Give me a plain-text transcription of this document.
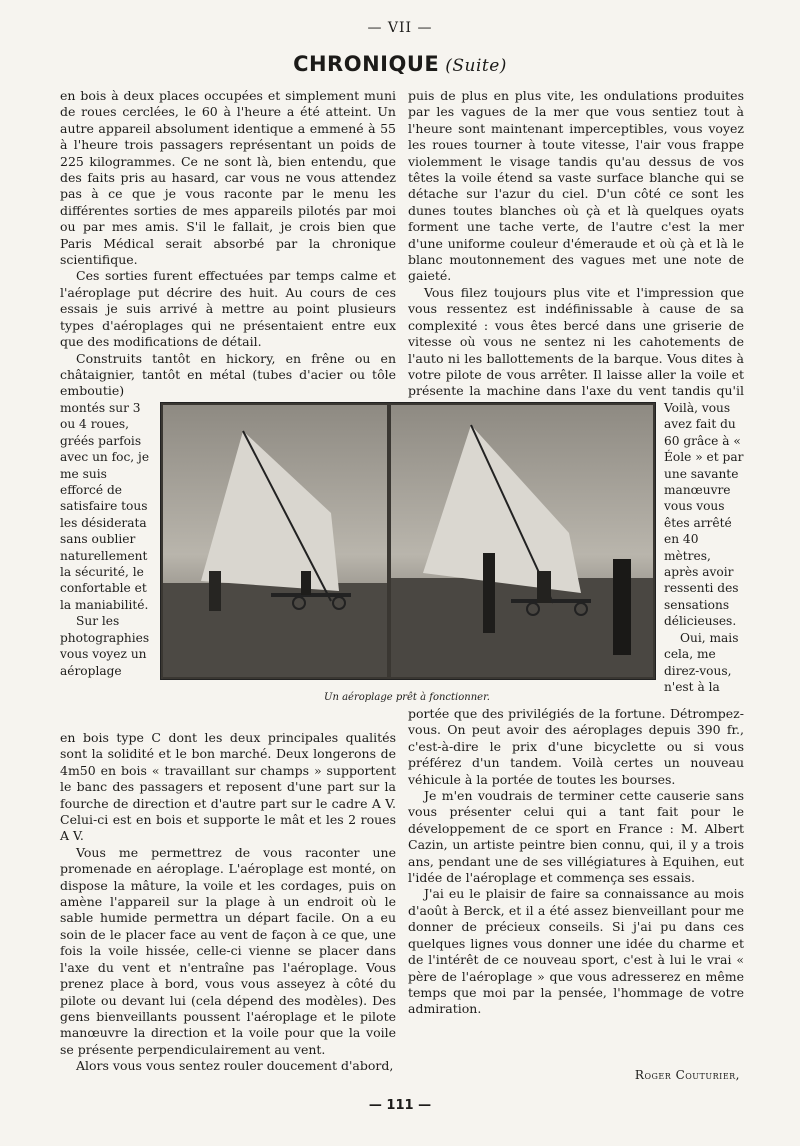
— VII —
CHRONIQUE (Suite)

en bois à deux places occupées et simplement muni de roues cerclées, le 60 à l'heure a été atteint. Un autre appareil absolument identique a emmené à 55 à l'heure trois passagers représentant un poids de 225 kilogrammes. Ce ne sont là, bien entendu, que des faits pris au hasard, car vous ne vous attendez pas à ce que je vous raconte par le menu les différentes sorties de mes appareils pilotés par moi ou par mes amis. S'il le fallait, je crois bien que Paris Médical serait absorbé par la chronique scientifique.

Ces sorties furent effectuées par temps calme et l'aéroplage put décrire des huit. Au cours de ces essais je suis arrivé à mettre au point plusieurs types d'aéroplages qui ne présentaient entre eux que des modifications de détail.

Construits tantôt en hickory, en frêne ou en châtaignier, tantôt en métal (tubes d'acier ou tôle emboutie)

puis de plus en plus vite, les ondulations produites par les vagues de la mer que vous sentiez tout à l'heure sont maintenant imperceptibles, vous voyez les roues tourner à toute vitesse, l'air vous frappe violemment le visage tandis qu'au dessus de vos têtes la voile étend sa vaste surface blanche qui se détache sur l'azur du ciel. D'un côté ce sont les dunes toutes blanches où çà et là quelques oyats forment une tache verte, de l'autre c'est la mer d'une uniforme couleur d'émeraude et où çà et là le blanc moutonnement des vagues met une note de gaieté.

Vous filez toujours plus vite et l'impression que vous ressentez est indéfinissable à cause de sa complexité : vous êtes bercé dans une griserie de vitesse où vous ne sentez ni les cahotements de l'auto ni les ballottements de la barque. Vous dites à votre pilote de vous arrêter. Il laisse aller la voile et présente la machine dans l'axe du vent tandis qu'il

montés sur 3 ou 4 roues, gréés parfois avec un foc, je me suis efforcé de satisfaire tous les désiderata sans oublier naturellement la sécurité, le confortable et la maniabilité.

Sur les photographies vous voyez un aéroplage

Un aéroplage prêt à fonctionner.

Voilà, vous avez fait du 60 grâce à « Éole » et par une savante manœuvre vous vous êtes arrêté en 40 mètres, après avoir ressenti des sensations délicieuses.

Oui, mais cela, me direz-vous, n'est à la

en bois type C dont les deux principales qualités sont la solidité et le bon marché. Deux longerons de 4m50 en bois « travaillant sur champs » supportent le banc des passagers et reposent d'une part sur la fourche de direction et d'autre part sur le cadre A V. Celui-ci est en bois et supporte le mât et les 2 roues A V.

Vous me permettrez de vous raconter une promenade en aéroplage. L'aéroplage est monté, on dispose la mâture, la voile et les cordages, puis on amène l'appareil sur la plage à un endroit où le sable humide permettra un départ facile. On a eu soin de le placer face au vent de façon à ce que, une fois la voile hissée, celle-ci vienne se placer dans l'axe du vent et n'entraîne pas l'aéroplage. Vous prenez place à bord, vous vous asseyez à côté du pilote ou devant lui (cela dépend des modèles). Des gens bienveillants poussent l'aéroplage et le pilote manœuvre la direction et la voile pour que la voile se présente perpendiculairement au vent.

Alors vous vous sentez rouler doucement d'abord,

portée que des privilégiés de la fortune. Détrompez-vous. On peut avoir des aéroplages depuis 390 fr., c'est-à-dire le prix d'une bicyclette ou si vous préférez d'un tandem. Voilà certes un nouveau véhicule à la portée de toutes les bourses.

Je m'en voudrais de terminer cette causerie sans vous présenter celui qui a tant fait pour le développement de ce sport en France : M. Albert Cazin, un artiste peintre bien connu, qui, il y a trois ans, pendant une de ses villégiatures à Equihen, eut l'idée de l'aéroplage et commença ses essais.

J'ai eu le plaisir de faire sa connaissance au mois d'août à Berck, et il a été assez bienveillant pour me donner de précieux conseils. Si j'ai pu dans ces quelques lignes vous donner une idée du charme et de l'intérêt de ce nouveau sport, c'est à lui le vrai « père de l'aéroplage » que vous adresserez en même temps que moi par la pensée, l'hommage de votre admiration.

Roger Couturier,
— 111 —
